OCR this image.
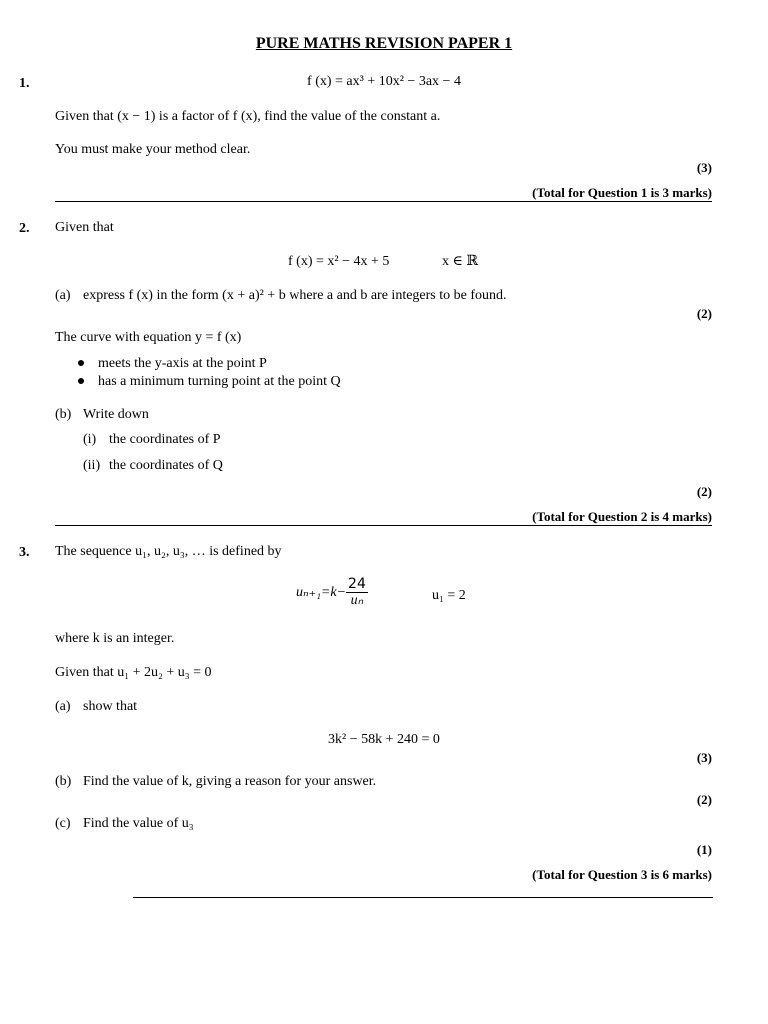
PURE MATHS REVISION PAPER 1
1.	f (x) = ax³ + 10x² − 3ax − 4
Given that (x − 1) is a factor of f (x), find the value of the constant a.
You must make your method clear.
(3)
(Total for Question 1 is 3 marks)
2. Given that
f (x) = x² − 4x + 5	x ∈ ℝ
(a) express f (x) in the form (x + a)² + b where a and b are integers to be found.
(2)
The curve with equation y = f (x)
meets the y-axis at the point P
has a minimum turning point at the point Q
(b) Write down
(i) the coordinates of P
(ii) the coordinates of Q
(2)
(Total for Question 2 is 4 marks)
3. The sequence u₁, u₂, u₃, … is defined by
$u_{n+1}=k- \frac{24}{\text{uₙ}}$	u₁ = 2
where k is an integer.
Given that u₁ + 2u₂ + u₃ = 0
(a) show that
3k² − 58k + 240 = 0
(3)
(b) Find the value of k, giving a reason for your answer.
(2)
(c) Find the value of u₃
(1)
(Total for Question 3 is 6 marks)
